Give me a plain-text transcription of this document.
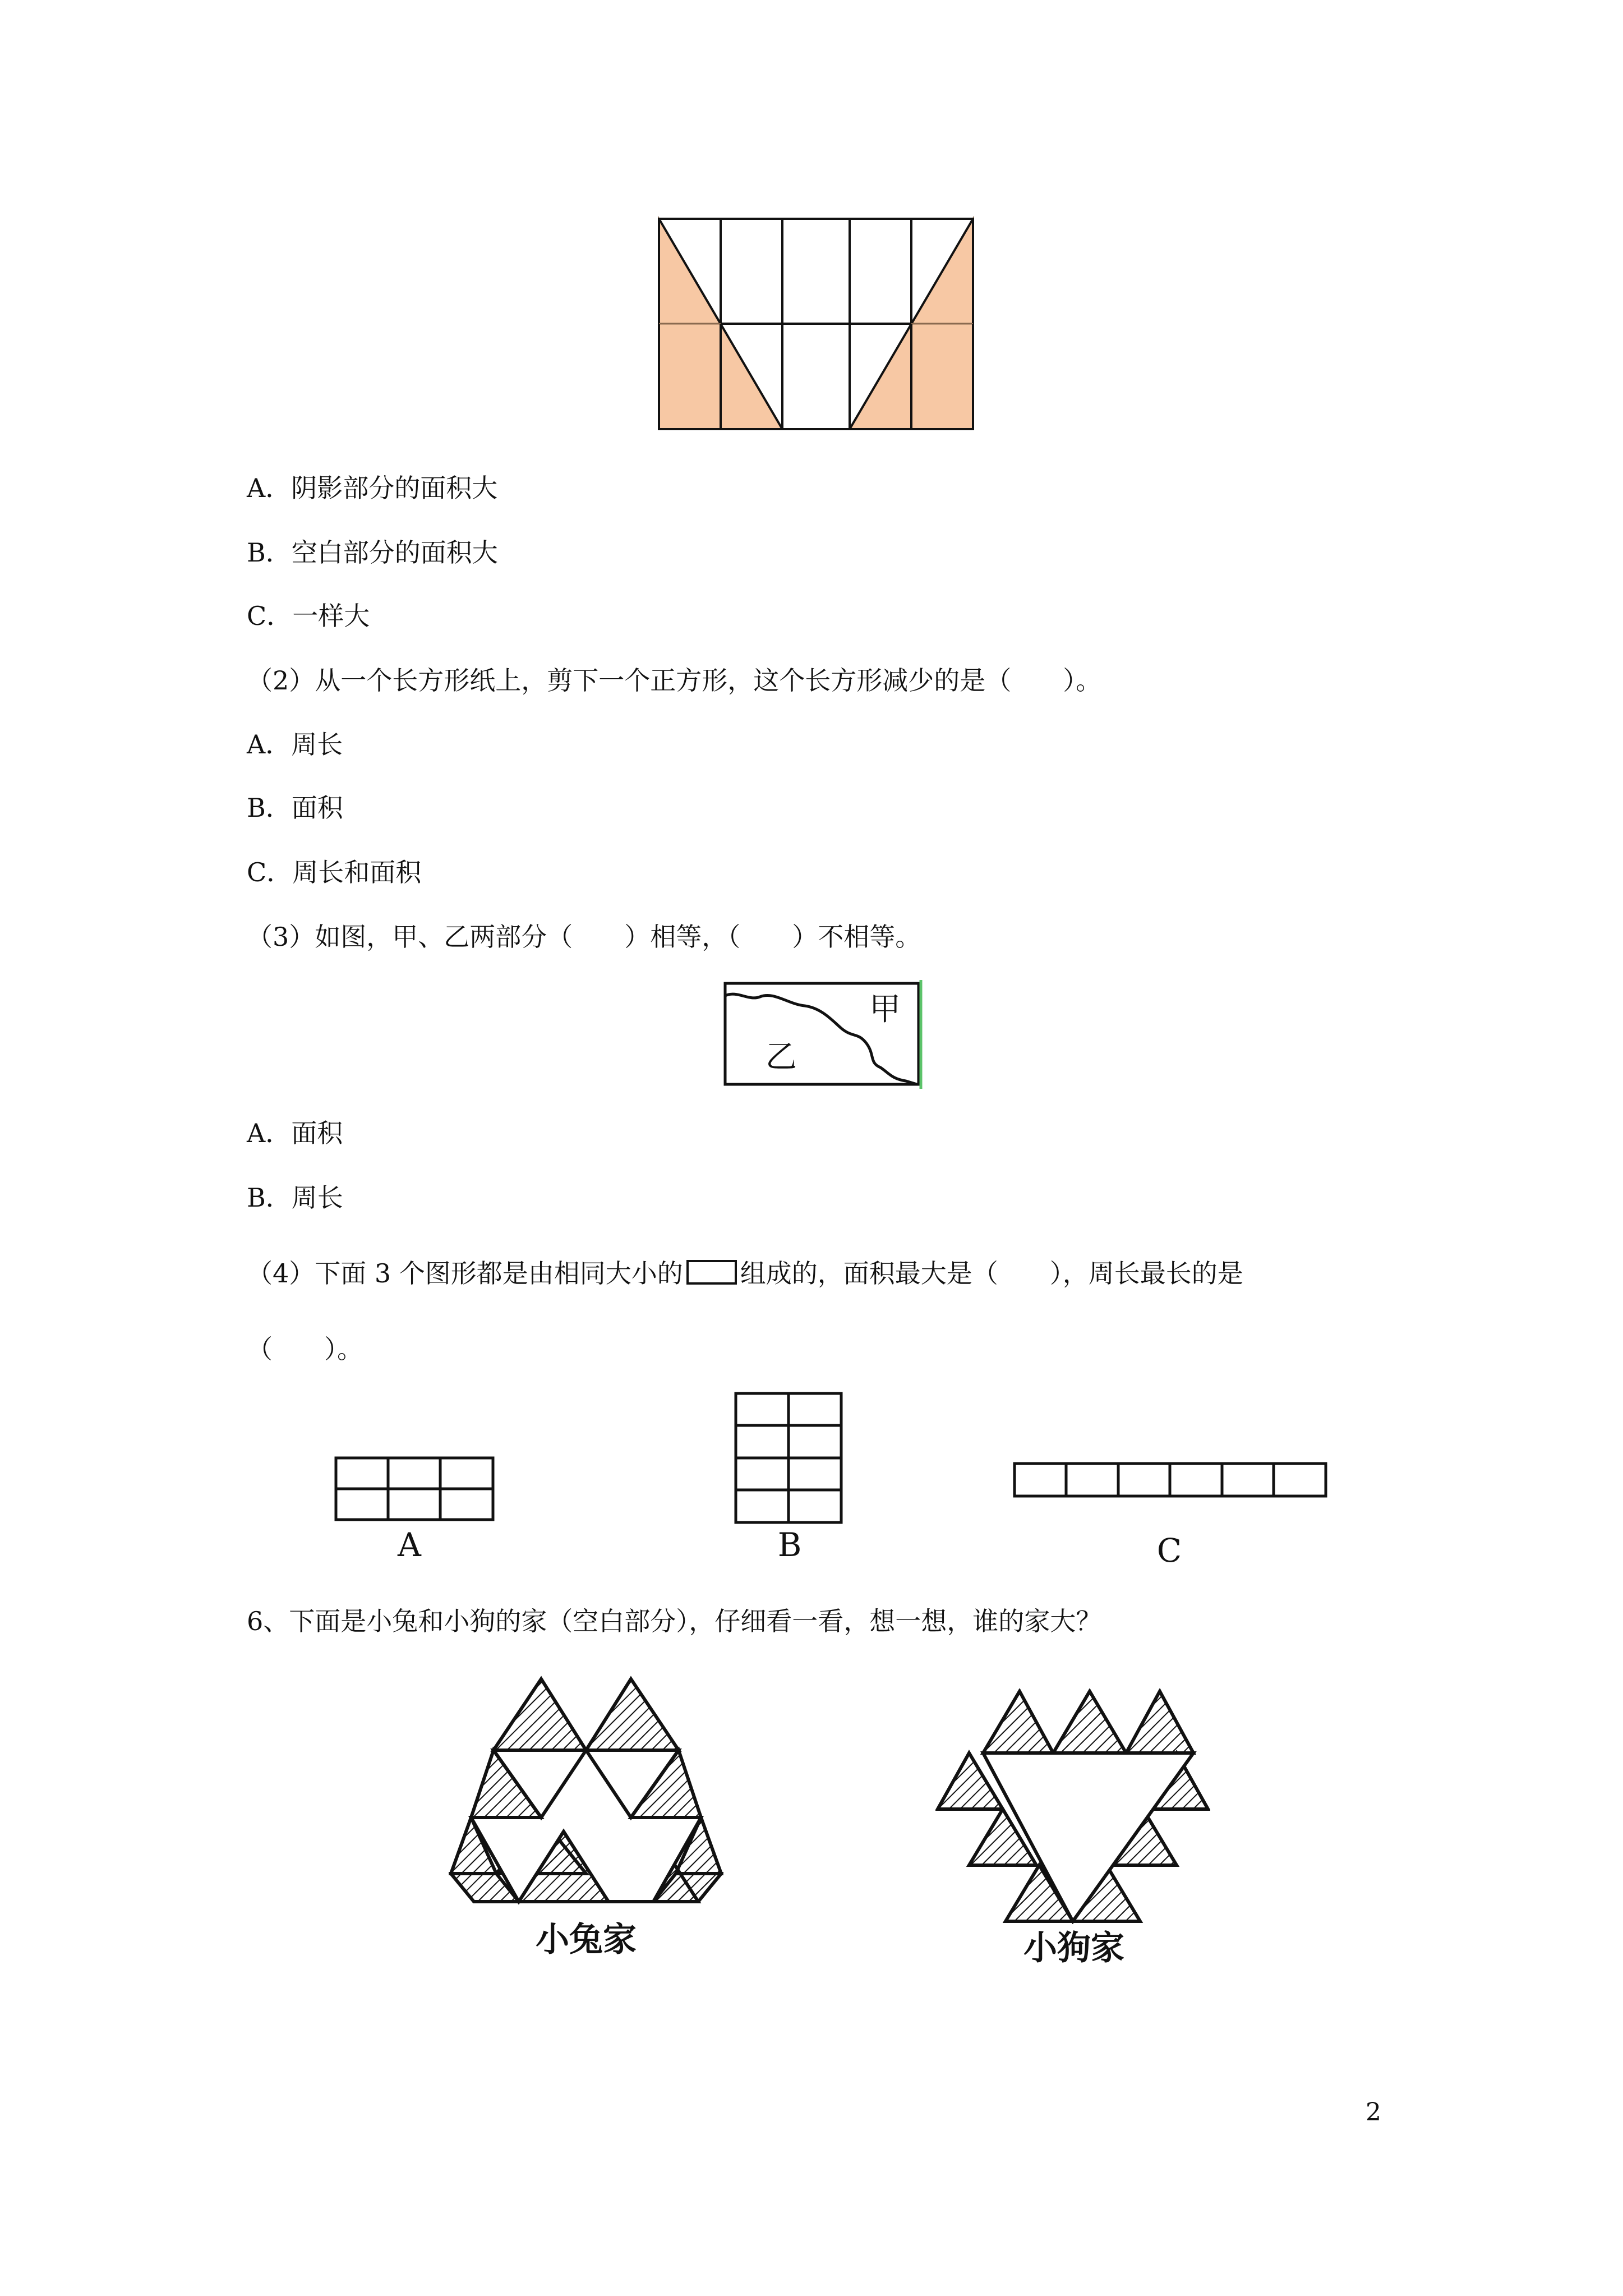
A．阴影部分的面积大
B．空白部分的面积大
C．一样大
（2）从一个长方形纸上，剪下一个正方形，这个长方形减少的是（　　）。
A．周长
B．面积
C．周长和面积
（3）如图，甲、乙两部分（　　）相等，（　　）不相等。
甲
乙
A．面积
B．周长
（4）下面 3 个图形都是由相同大小的 组成的，面积最大是（　　），周长最长的是
（　　）。
A	B	C
6、下面是小兔和小狗的家（空白部分），仔细看一看，想一想，谁的家大？
小兔家	小狗家
2
